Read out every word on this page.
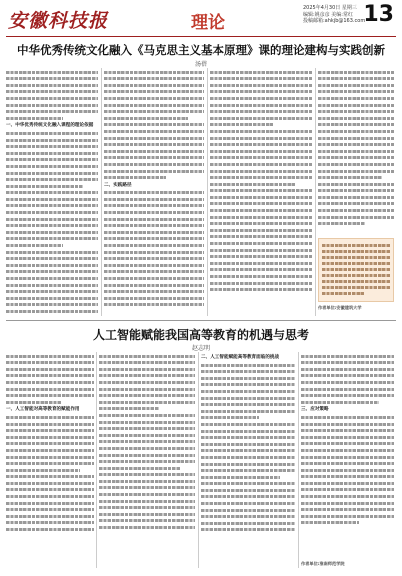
安徽科技报	理论
2025年4月30日 星期三
编辑:姚彦彦 美编:常红
投稿邮箱:ahkjb@163.com
13
中华优秀传统文化融入《马克思主义基本原理》课的理论建构与实践创新
汤蓓
一、中华优秀传统文化融入课程的理论依据
二、实践路径
作者单位:安徽建筑大学
人工智能赋能我国高等教育的机遇与思考
赵志明
一、人工智能对高等教育的赋能作用
二、人工智能赋能高等教育面临的挑战
三、应对策略
作者单位:淮南师范学院
